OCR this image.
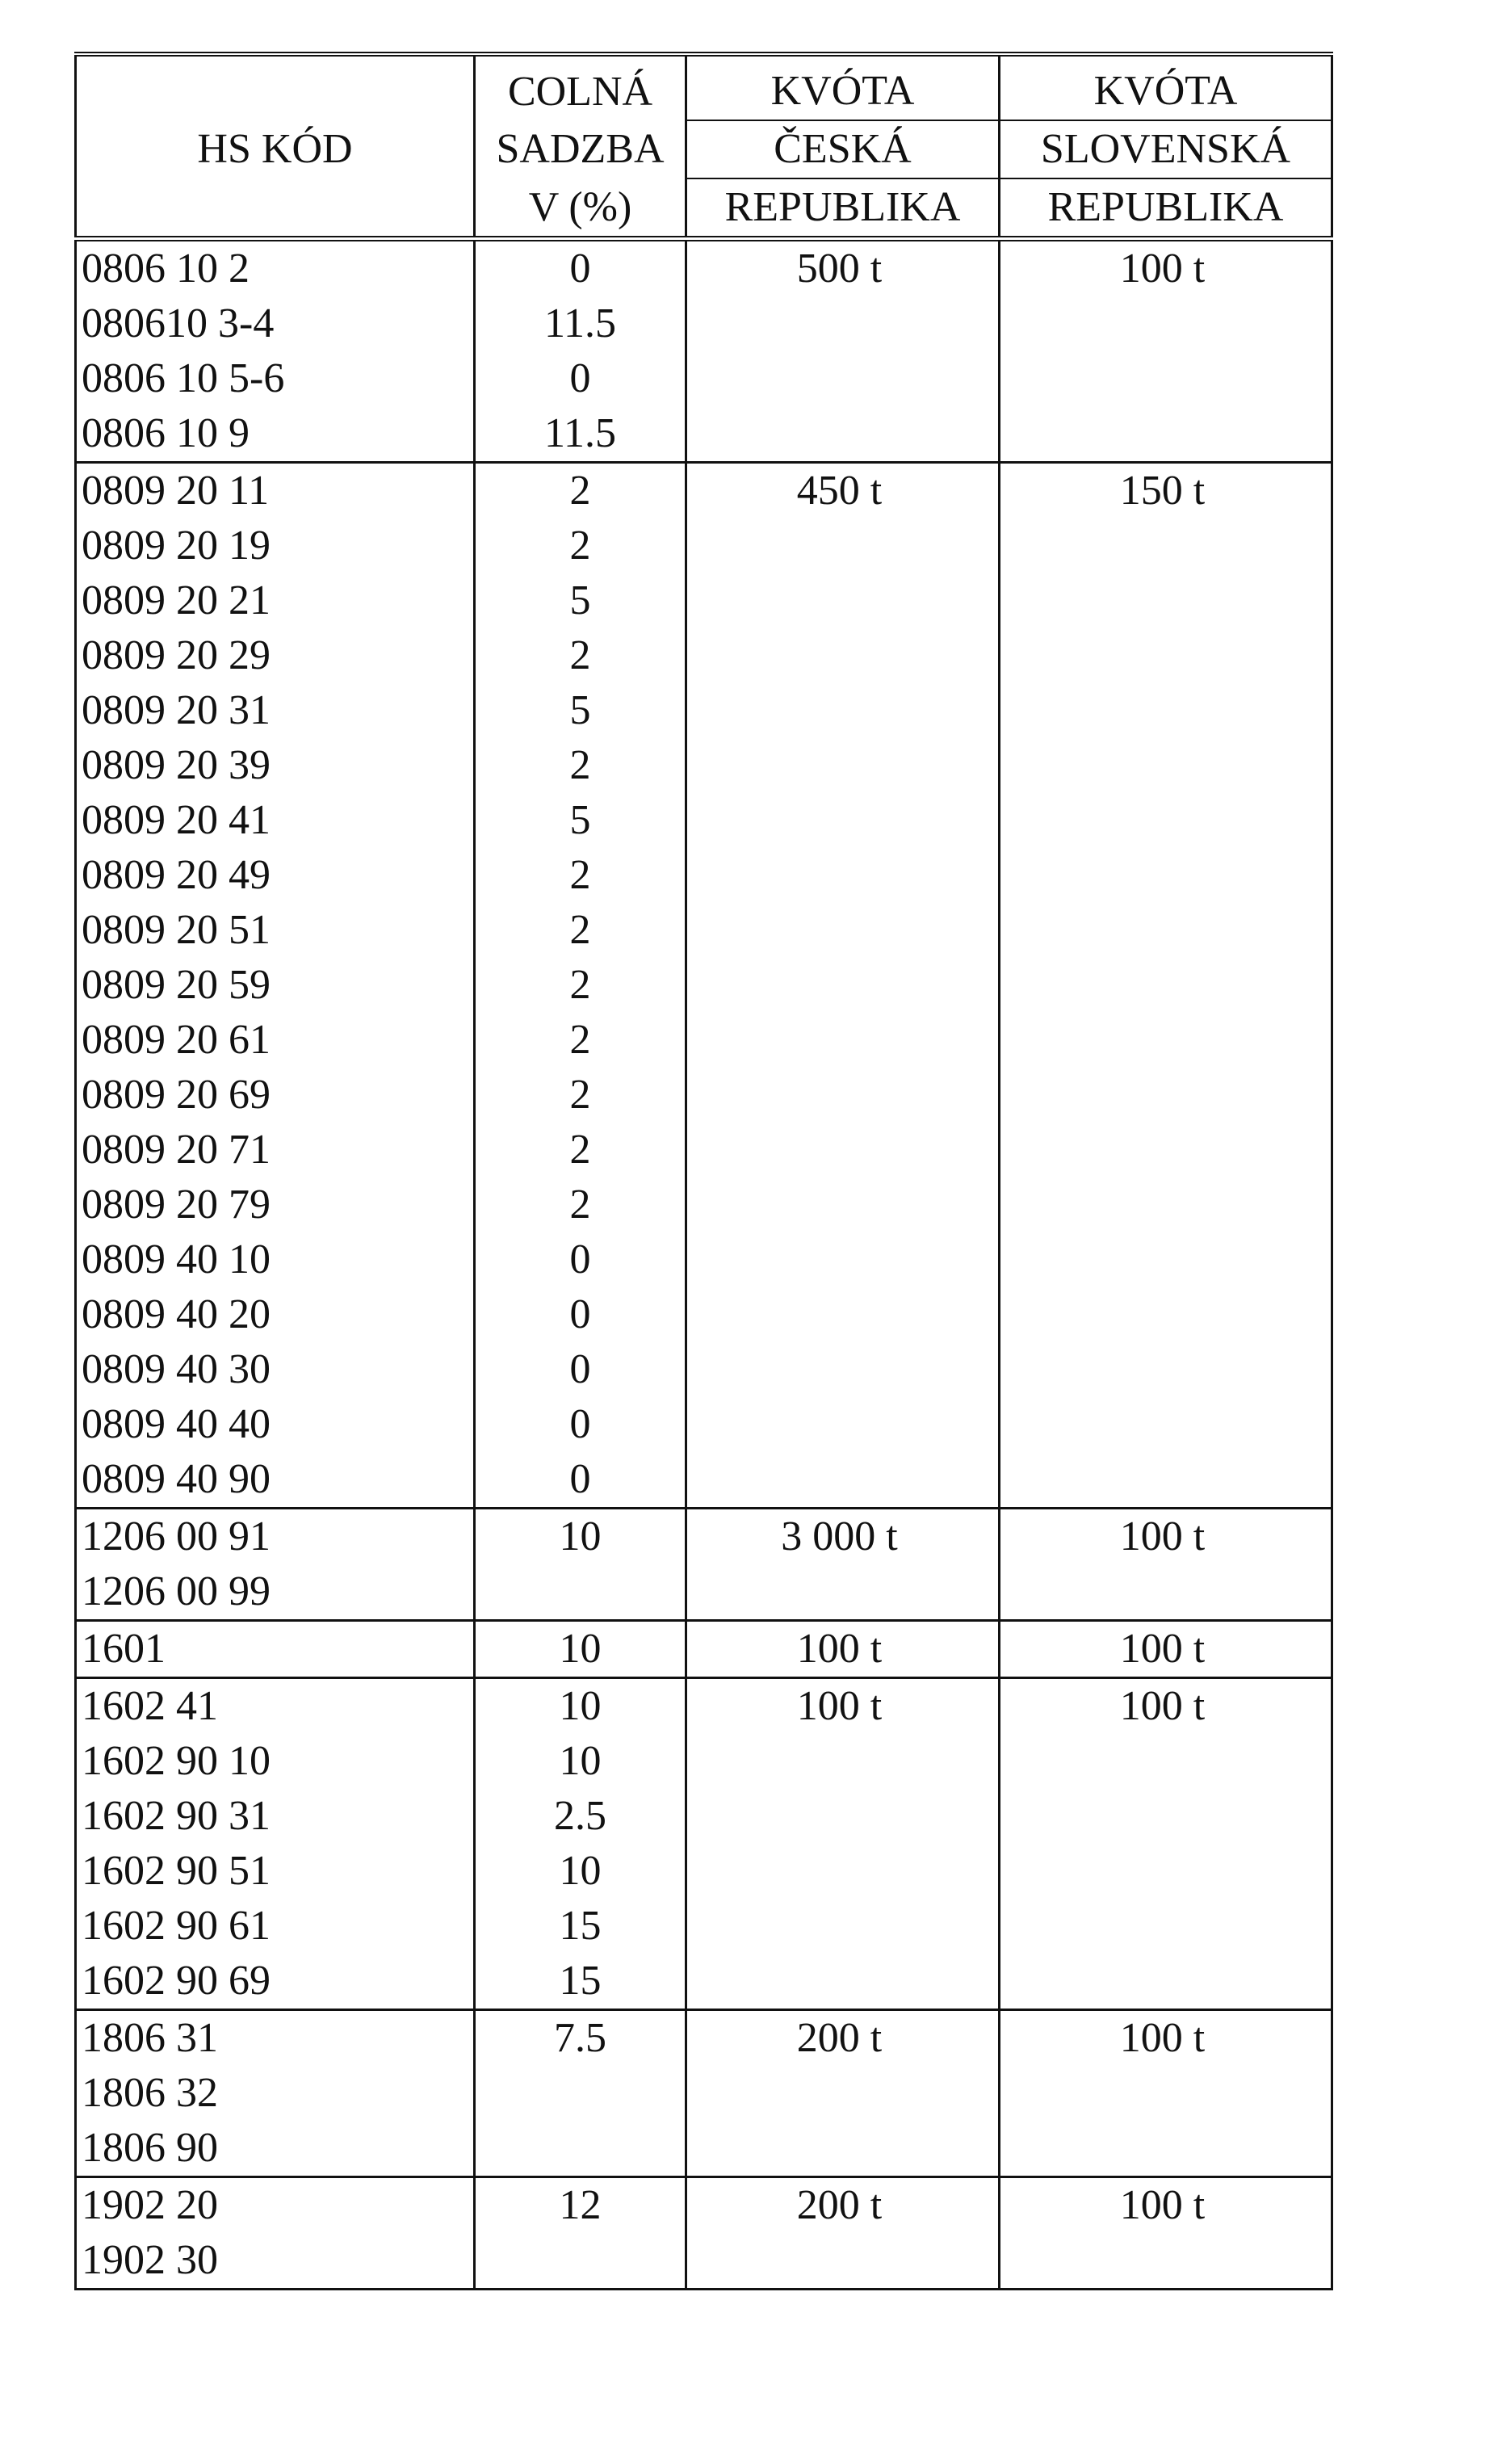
HS KÓD	COLNÁ	KVÓTA	KVÓTA
	SADZBA	ČESKÁ	SLOVENSKÁ
	V (%)	REPUBLIKA	REPUBLIKA
0806 10 2	0	500 t	100 t
080610 3-4	11.5		
0806 10 5-6	0		
0806 10 9	11.5		
0809 20 11	2	450 t	150 t
0809 20 19	2		
0809 20 21	5		
0809 20 29	2		
0809 20 31	5		
0809 20 39	2		
0809 20 41	5		
0809 20 49	2		
0809 20 51	2		
0809 20 59	2		
0809 20 61	2		
0809 20 69	2		
0809 20 71	2		
0809 20 79	2		
0809 40 10	0		
0809 40 20	0		
0809 40 30	0		
0809 40 40	0		
0809 40 90	0		
1206 00 91	10	3 000 t	100 t
1206 00 99			
1601	10	100 t	100 t
1602 41	10	100 t	100 t
1602 90 10	10		
1602 90 31	2.5		
1602 90 51	10		
1602 90 61	15		
1602 90 69	15		
1806 31	7.5	200 t	100 t
1806 32			
1806 90			
1902 20	12	200 t	100 t
1902 30			
